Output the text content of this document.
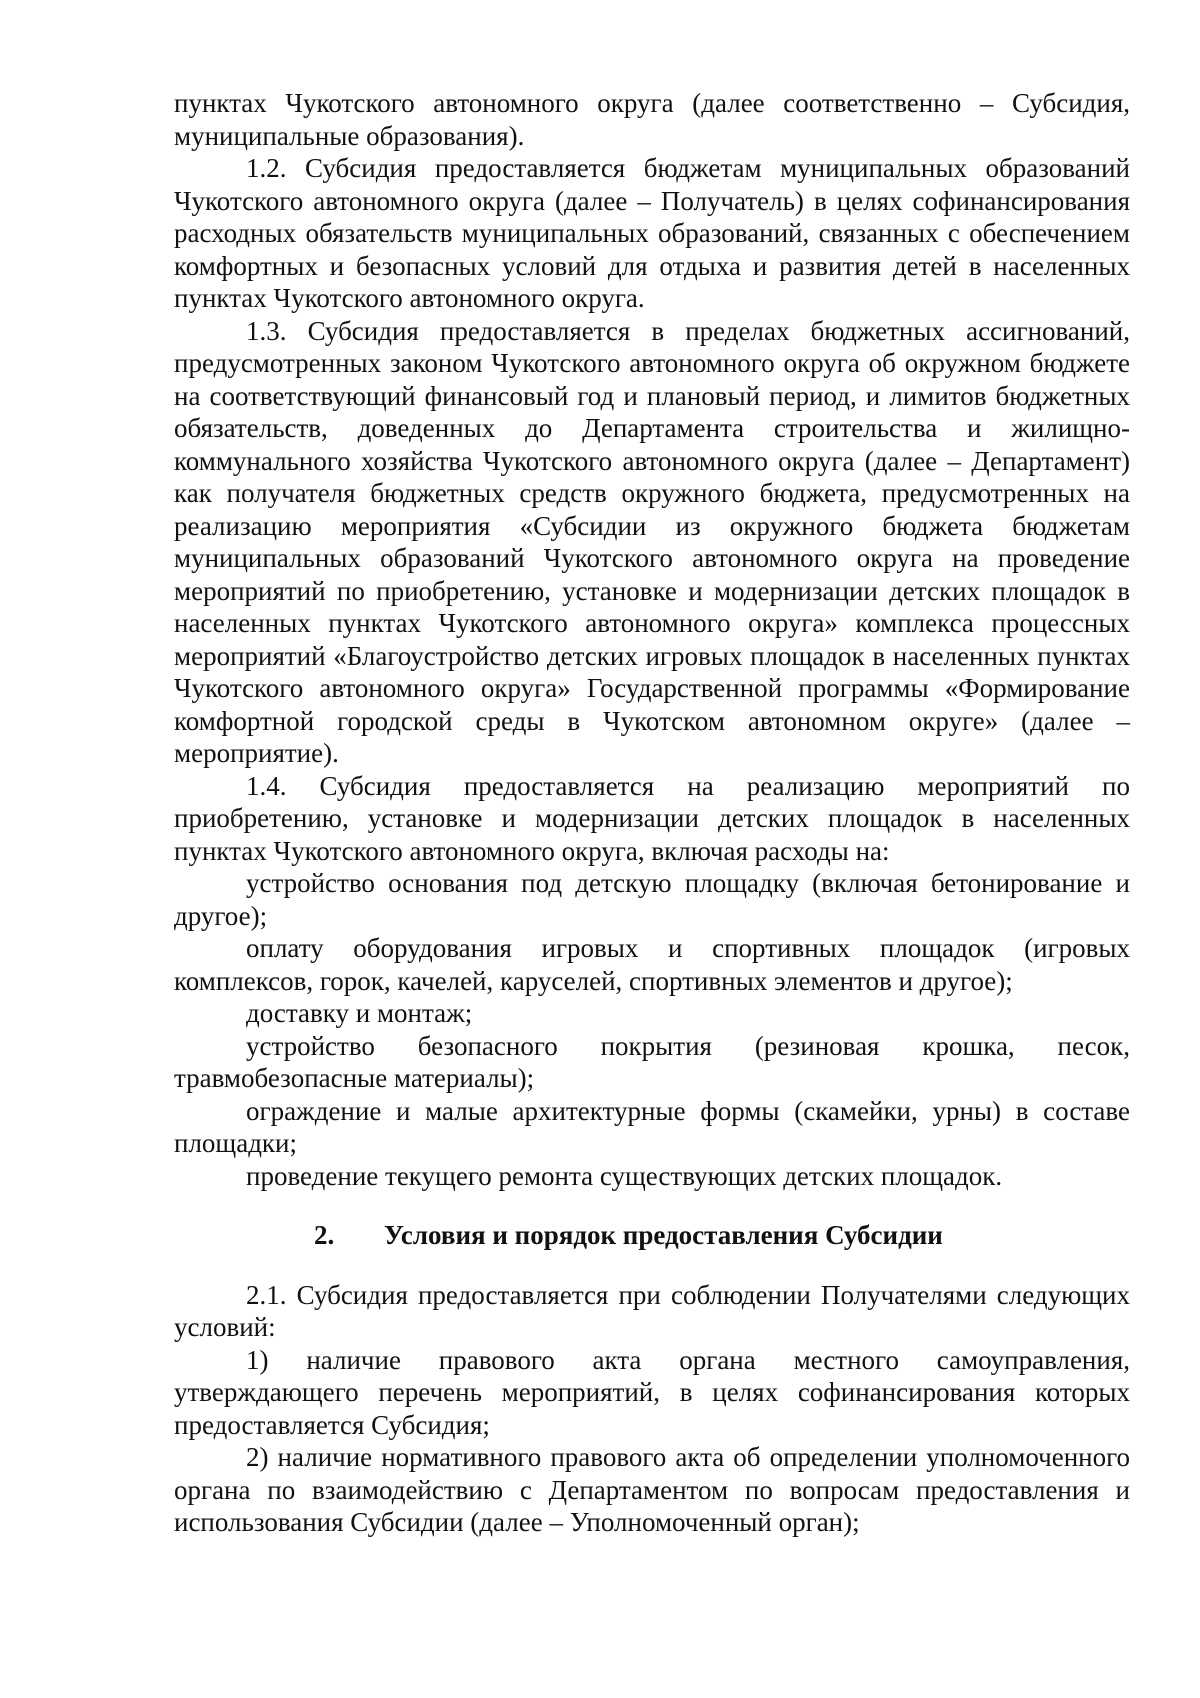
пунктах Чукотского автономного округа (далее соответственно – Субсидия, муниципальные образования).

1.2. Субсидия предоставляется бюджетам муниципальных образований Чукотского автономного округа (далее – Получатель) в целях софинансирования расходных обязательств муниципальных образований, связанных с обеспечением комфортных и безопасных условий для отдыха и развития детей в населенных пунктах Чукотского автономного округа.

1.3. Субсидия предоставляется в пределах бюджетных ассигнований, предусмотренных законом Чукотского автономного округа об окружном бюджете на соответствующий финансовый год и плановый период, и лимитов бюджетных обязательств, доведенных до Департамента строительства и жилищно-коммунального хозяйства Чукотского автономного округа (далее – Департамент) как получателя бюджетных средств окружного бюджета, предусмотренных на реализацию мероприятия «Субсидии из окружного бюджета бюджетам муниципальных образований Чукотского автономного округа на проведение мероприятий по приобретению, установке и модернизации детских площадок в населенных пунктах Чукотского автономного округа» комплекса процессных мероприятий «Благоустройство детских игровых площадок в населенных пунктах Чукотского автономного округа» Государственной программы «Формирование комфортной городской среды в Чукотском автономном округе» (далее – мероприятие).

1.4. Субсидия предоставляется на реализацию мероприятий по приобретению, установке и модернизации детских площадок в населенных пунктах Чукотского автономного округа, включая расходы на:

устройство основания под детскую площадку (включая бетонирование и другое);

оплату оборудования игровых и спортивных площадок (игровых комплексов, горок, качелей, каруселей, спортивных элементов и другое);

доставку и монтаж;

устройство безопасного покрытия (резиновая крошка, песок, травмобезопасные материалы);

ограждение и малые архитектурные формы (скамейки, урны) в составе площадки;

проведение текущего ремонта существующих детских площадок.

2. Условия и порядок предоставления Субсидии

2.1. Субсидия предоставляется при соблюдении Получателями следующих условий:

1) наличие правового акта органа местного самоуправления, утверждающего перечень мероприятий, в целях софинансирования которых предоставляется Субсидия;

2) наличие нормативного правового акта об определении уполномоченного органа по взаимодействию с Департаментом по вопросам предоставления и использования Субсидии (далее – Уполномоченный орган);
